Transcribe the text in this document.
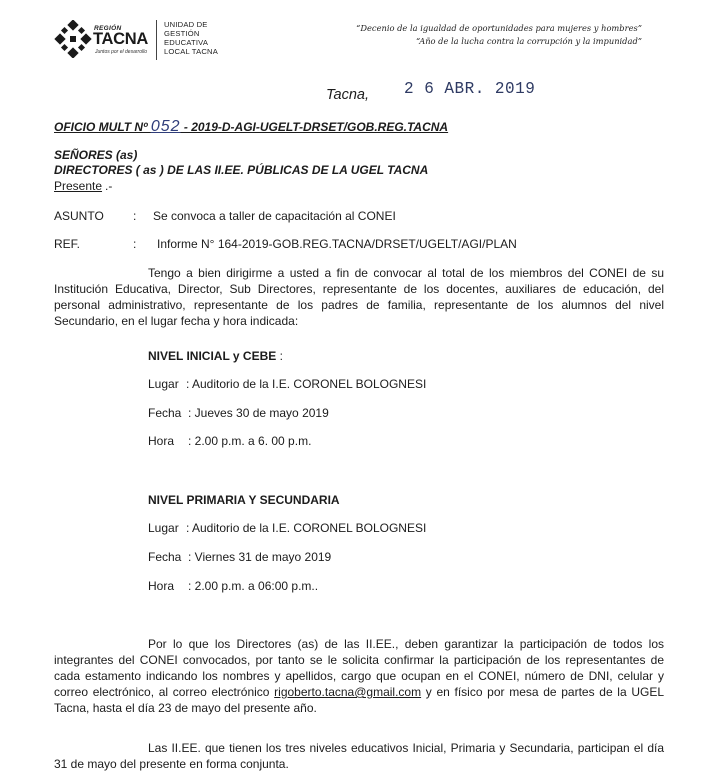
REGIÓN
TACNA
Juntos por el desarrollo
UNIDAD DE
GESTIÓN
EDUCATIVA
LOCAL TACNA
“Decenio de la igualdad de oportunidades para mujeres y hombres”
“Año de la lucha contra la corrupción y la impunidad”
Tacna, 2 6 ABR. 2019
OFICIO MULT Nº 052 - 2019-D-AGI-UGELT-DRSET/GOB.REG.TACNA
SEÑORES (as)
DIRECTORES ( as ) DE LAS II.EE. PÚBLICAS DE LA UGEL TACNA
Presente .-
ASUNTO : Se convoca a taller de capacitación al CONEI
REF.	: Informe N° 164-2019-GOB.REG.TACNA/DRSET/UGELT/AGI/PLAN
Tengo a bien dirigirme a usted a fin de convocar al total de los miembros del CONEI de su Institución Educativa, Director, Sub Directores, representante de los docentes, auxiliares de educación, del personal administrativo, representante de los padres de familia, representante de los alumnos del nivel Secundario, en el lugar fecha y hora indicada:
NIVEL INICIAL y CEBE :
Lugar : Auditorio de la I.E. CORONEL BOLOGNESI
Fecha : Jueves 30 de mayo 2019
Hora : 2.00 p.m. a 6. 00 p.m.
NIVEL PRIMARIA Y SECUNDARIA
Lugar : Auditorio de la I.E. CORONEL BOLOGNESI
Fecha : Viernes 31 de mayo 2019
Hora : 2.00 p.m. a 06:00 p.m..
Por lo que los Directores (as) de las II.EE., deben garantizar la participación de todos los integrantes del CONEI convocados, por tanto se le solicita confirmar la participación de los representantes de cada estamento indicando los nombres y apellidos, cargo que ocupan en el CONEI, número de DNI, celular y correo electrónico, al correo electrónico rigoberto.tacna@gmail.com y en físico por mesa de partes de la UGEL Tacna, hasta el día 23 de mayo del presente año.
Las II.EE. que tienen los tres niveles educativos Inicial, Primaria y Secundaria, participan el día 31 de mayo del presente en forma conjunta.
